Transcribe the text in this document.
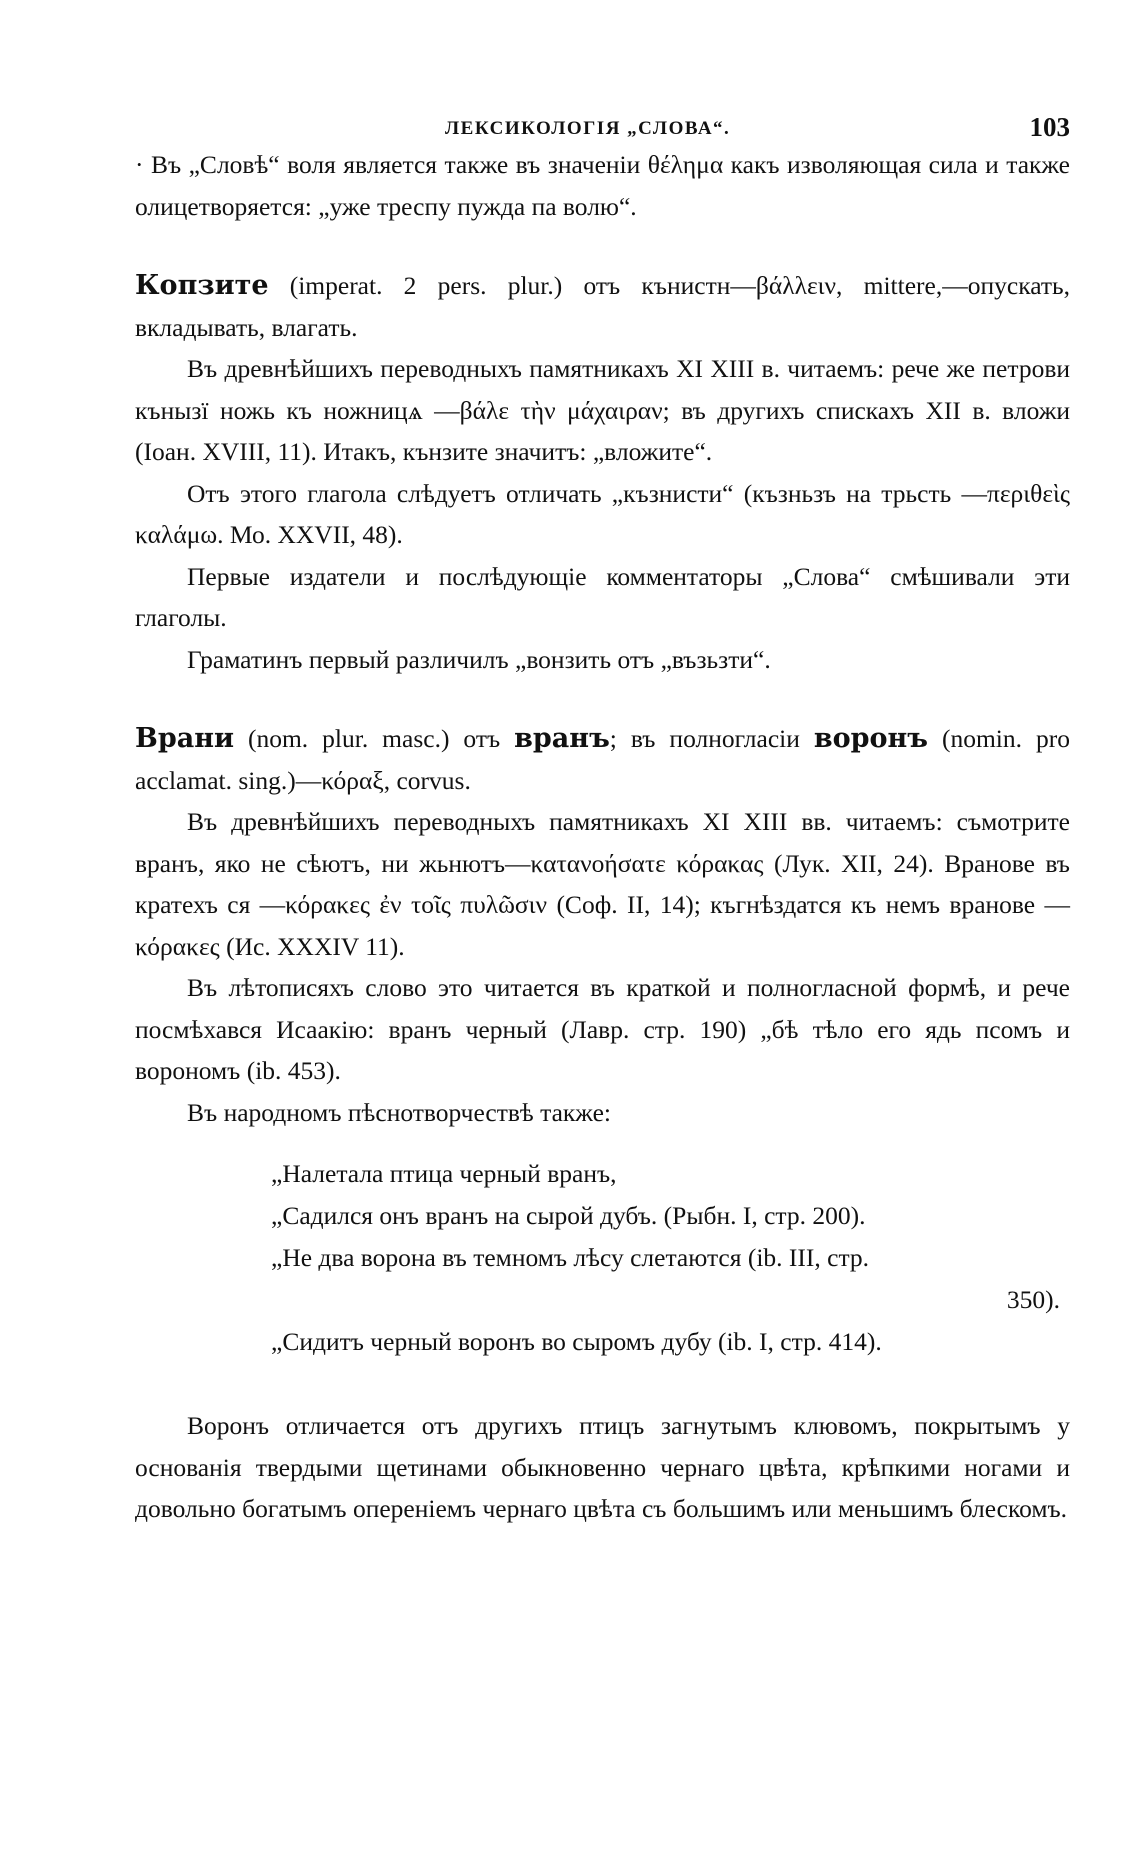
ЛЕКСИКОЛОГІЯ „СЛОВА“.	103

· Въ „Словѣ“ воля является также въ значеніи θέλημα какъ изволяющая сила и также олицетворяется: „уже треспу пужда па волю“.

Копзите (imperat. 2 pers. plur.) отъ кънистн—βάλλειν, mittere,—опускать, вкладывать, влагать.

Въ древнѣйшихъ переводныхъ памятникахъ XI XIII в. читаемъ: рече же петрови кънызї ножь къ ножницѧ —βάλε τὴν μάχαιραν; въ другихъ спискахъ XII в. вложи (Іоан. XVIII, 11). Итакъ, кънзите значитъ: „вложите“.

Отъ этого глагола слѣдуетъ отличать „къзнисти“ (къзньзъ на трьсть —περιθεὶς καλάμω. Мо. XXVII, 48).

Первые издатели и послѣдующіе комментаторы „Слова“ смѣшивали эти глаголы.

Граматинъ первый различилъ „вонзить отъ „възьзти“.

Врани (nom. plur. masc.) отъ вранъ; въ полногласіи воронъ (nomin. pro acclamat. sing.)—κόραξ, corvus.

Въ древнѣйшихъ переводныхъ памятникахъ XI XIII вв. читаемъ: съмотрите вранъ, яко не сѣютъ, ни жьнютъ—κατανοήσατε κόρακας (Лук. XII, 24). Вранове въ кратехъ ся —κόρακες ἐν τοῖς πυλῶσιν (Соф. II, 14); къгнѣздатся къ немъ вранове —κόρακες (Ис. XXXIV 11).

Въ лѣтописяхъ слово это читается въ краткой и полногласной формѣ, и рече посмѣхався Исаакію: вранъ черный (Лавр. стр. 190) „бѣ тѣло его ядь псомъ и ворономъ (ib. 453).

Въ народномъ пѣснотворчествѣ также:

„Налетала птица черный вранъ,
„Садился онъ вранъ на сырой дубъ. (Рыбн. I, стр. 200).
„Не два ворона въ темномъ лѣсу слетаются (ib. III, стр.
350).
„Сидитъ черный воронъ во сыромъ дубу (ib. I, стр. 414).

Воронъ отличается отъ другихъ птицъ загнутымъ клювомъ, покрытымъ у основанія твердыми щетинами обыкновенно чернаго цвѣта, крѣпкими ногами и довольно богатымъ опереніемъ чернаго цвѣта съ большимъ или меньшимъ блескомъ.
